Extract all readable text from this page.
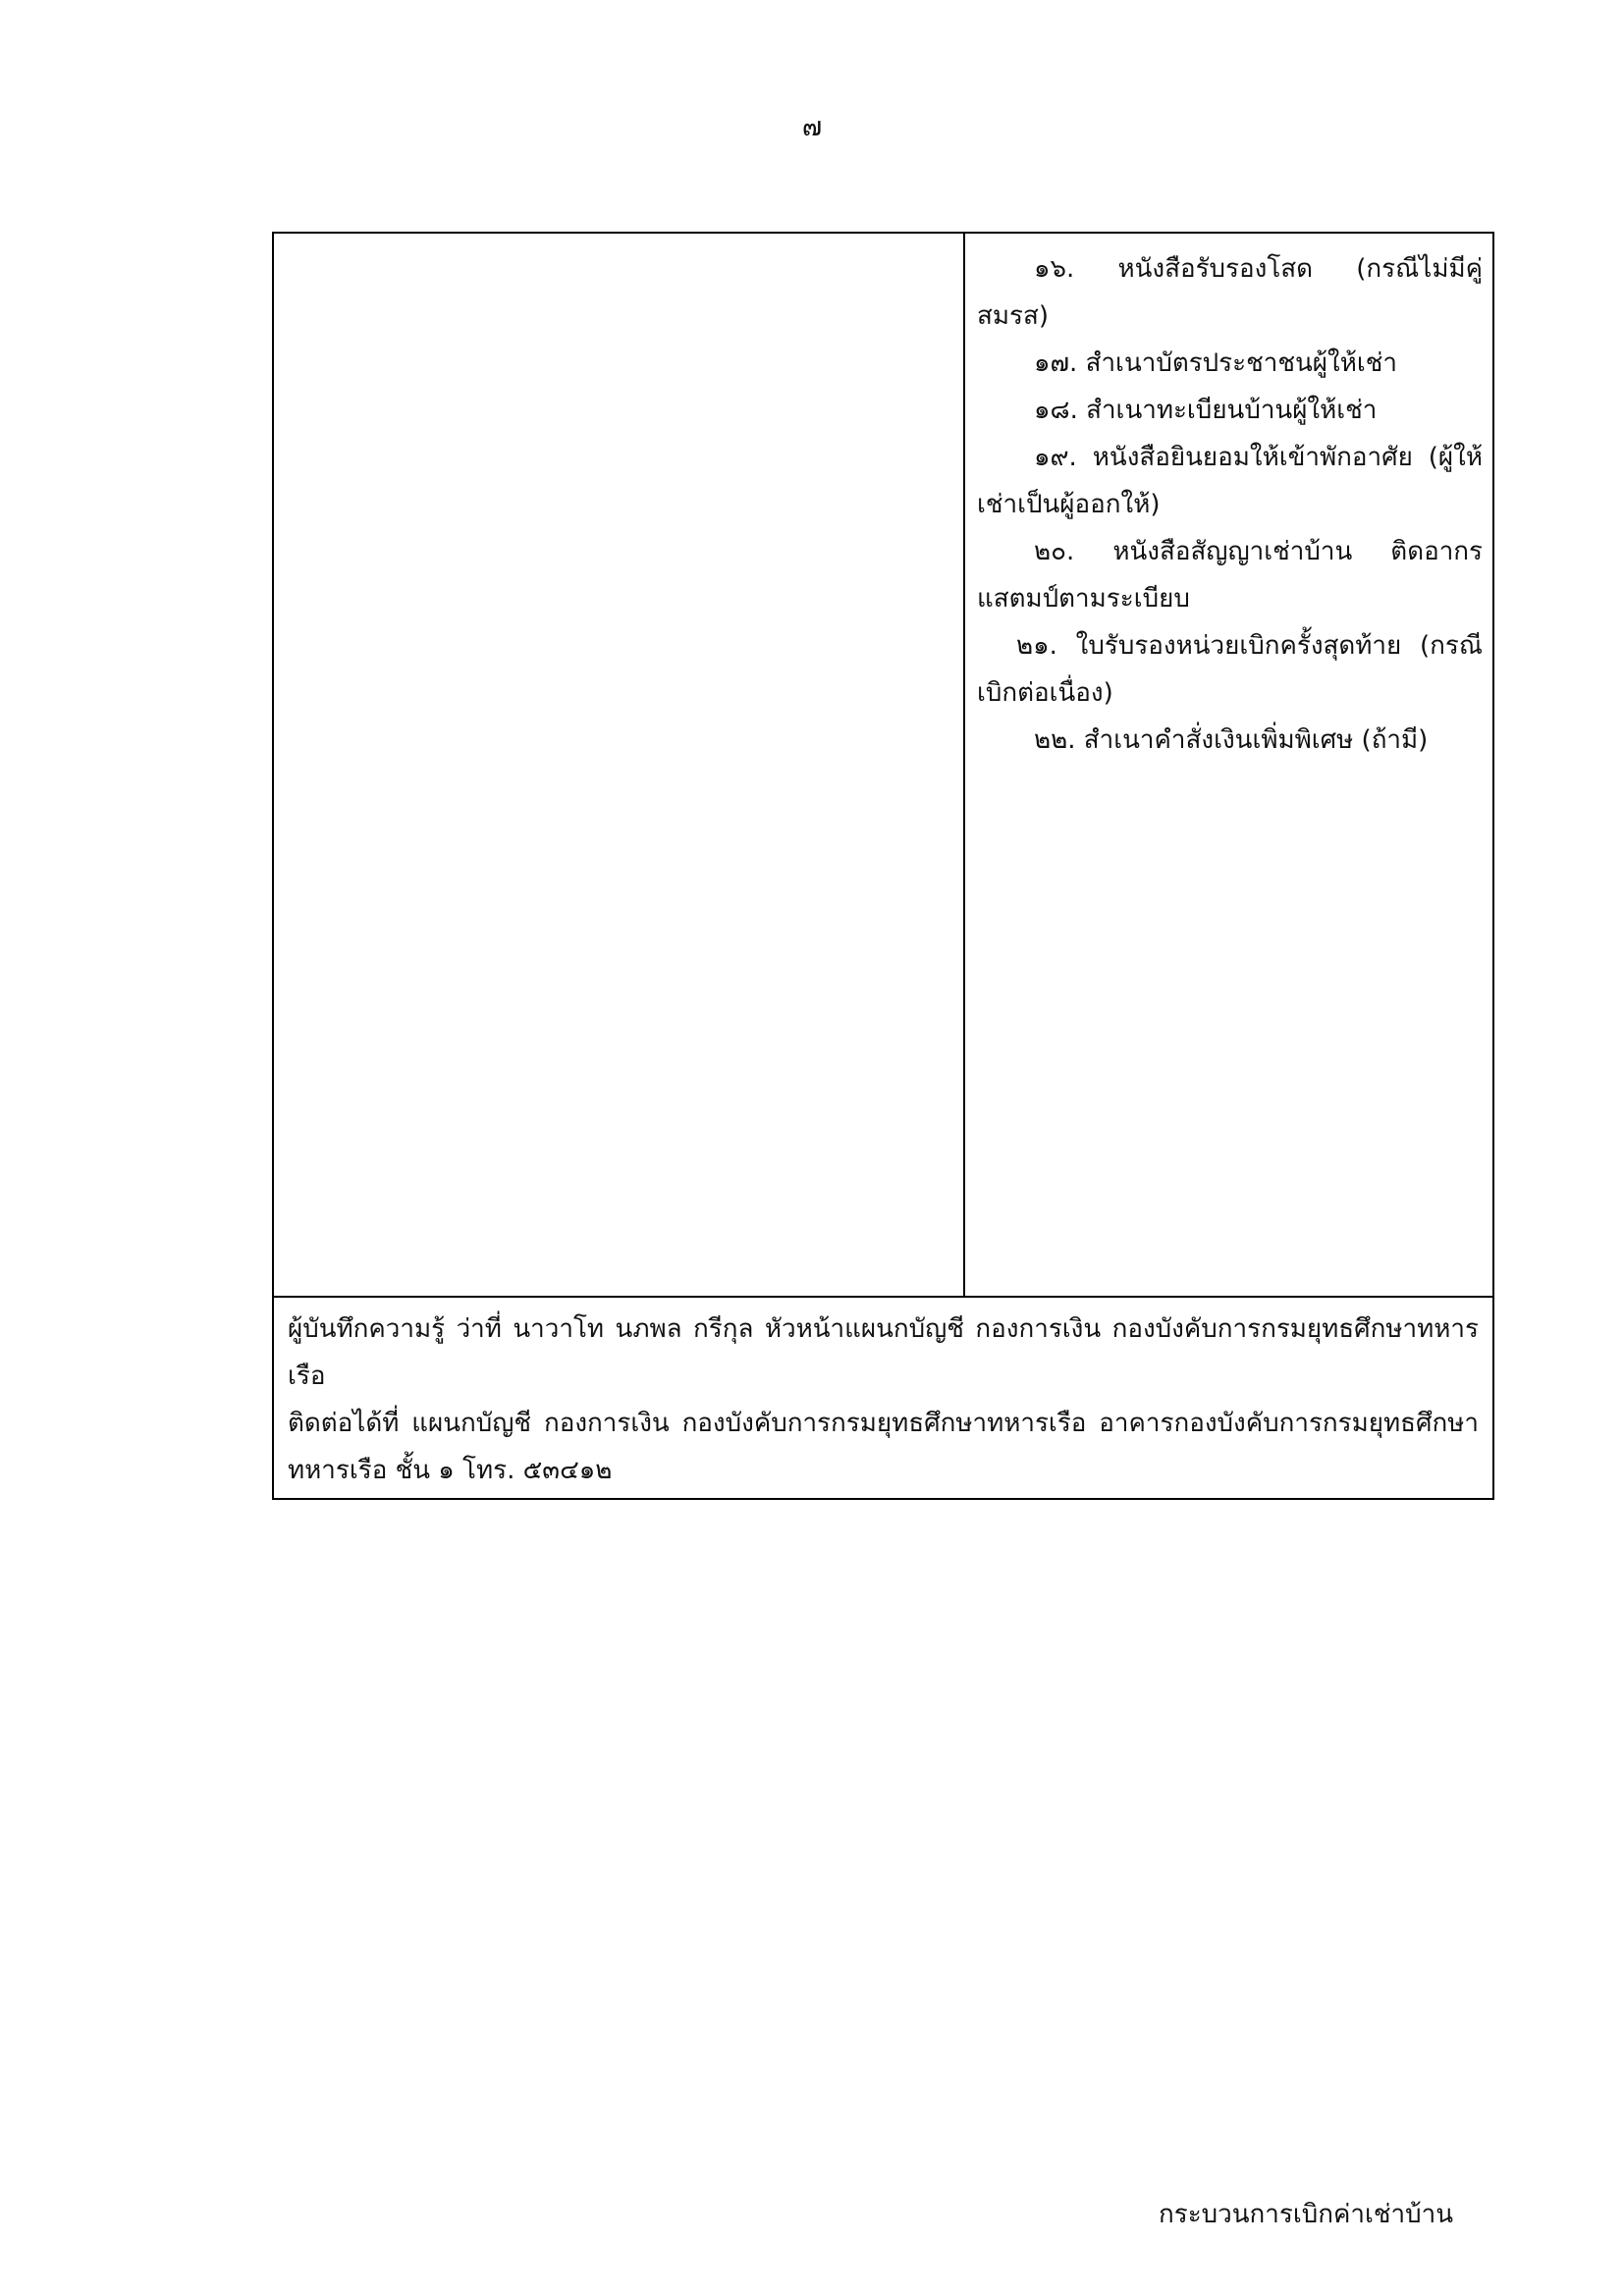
๗
๑๖. หนังสือรับรองโสด (กรณีไม่มีคู่สมรส)
๑๗. สำเนาบัตรประชาชนผู้ให้เช่า
๑๘. สำเนาทะเบียนบ้านผู้ให้เช่า
๑๙. หนังสือยินยอมให้เข้าพักอาศัย (ผู้ให้เช่าเป็นผู้ออกให้)
๒๐. หนังสือสัญญาเช่าบ้าน ติดอากรแสตมป์ตามระเบียบ
๒๑. ใบรับรองหน่วยเบิกครั้งสุดท้าย (กรณีเบิกต่อเนื่อง)
๒๒. สำเนาคำสั่งเงินเพิ่มพิเศษ (ถ้ามี)

ผู้บันทึกความรู้ ว่าที่ นาวาโท นภพล กรีกุล หัวหน้าแผนกบัญชี กองการเงิน กองบังคับการกรมยุทธศึกษาทหารเรือ

ติดต่อได้ที่ แผนกบัญชี กองการเงิน กองบังคับการกรมยุทธศึกษาทหารเรือ อาคารกองบังคับการกรมยุทธศึกษาทหารเรือ ชั้น ๑ โทร. ๕๓๔๑๒

กระบวนการเบิกค่าเช่าบ้าน
